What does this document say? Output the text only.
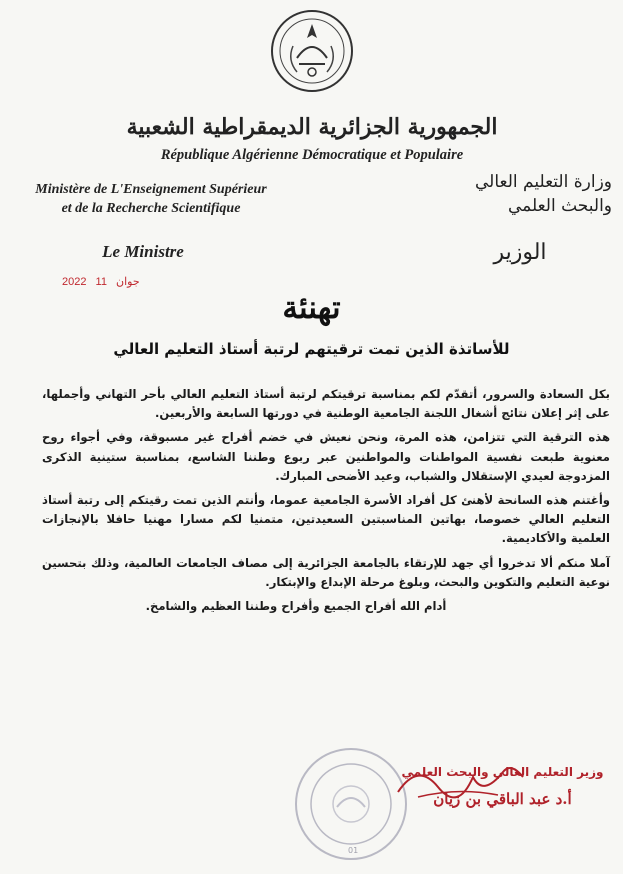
الجمهورية الجزائرية الديمقراطية الشعبية
République Algérienne Démocratique et Populaire
Ministère de L'Enseignement Supérieur
et de la Recherche Scientifique
وزارة التعليم العالي
والبحث العلمي
Le Ministre	الوزير
2022	جوان 11
تهنئة
للأساتذة الذين تمت ترقيتهم لرتبة أستاذ التعليم العالي

بكل السعادة والسرور، أتقدّم لكم بمناسبة ترقيتكم لرتبة أستاذ التعليم العالي بأحر التهاني وأجملها، على إثر إعلان نتائج أشغال اللجنة الجامعية الوطنية في دورتها السابعة والأربعين.

هذه الترقية التي تتزامن، هذه المرة، ونحن نعيش في خضم أفراح غير مسبوقة، وفي أجواء روح معنوية طبعت نفسية المواطنات والمواطنين عبر ربوع وطننا الشاسع، بمناسبة ستينية الذكرى المزدوجة لعيدي الإستقلال والشباب، وعيد الأضحى المبارك.

وأغتنم هذه السانحة لأهنئ كل أفراد الأسرة الجامعية عموما، وأنتم الذين تمت رقيتكم إلى رتبة أستاذ التعليم العالي خصوصا، بهاتين المناسبتين السعيدتين، متمنيا لكم مسارا مهنيا حافلا بالإنجازات العلمية والأكاديمية.

آملا منكم ألا تدخروا أي جهد للإرتقاء بالجامعة الجزائرية إلى مصاف الجامعات العالمية، وذلك بتحسين نوعية التعليم والتكوين والبحث، وبلوغ مرحلة الإبداع والإبتكار.

أدام الله أفراح الجميع وأفراح وطننا العظيم والشامخ.

01
وزير التعليم العالي والبحث العلمي
أ.د عبد الباقي بن زيان
